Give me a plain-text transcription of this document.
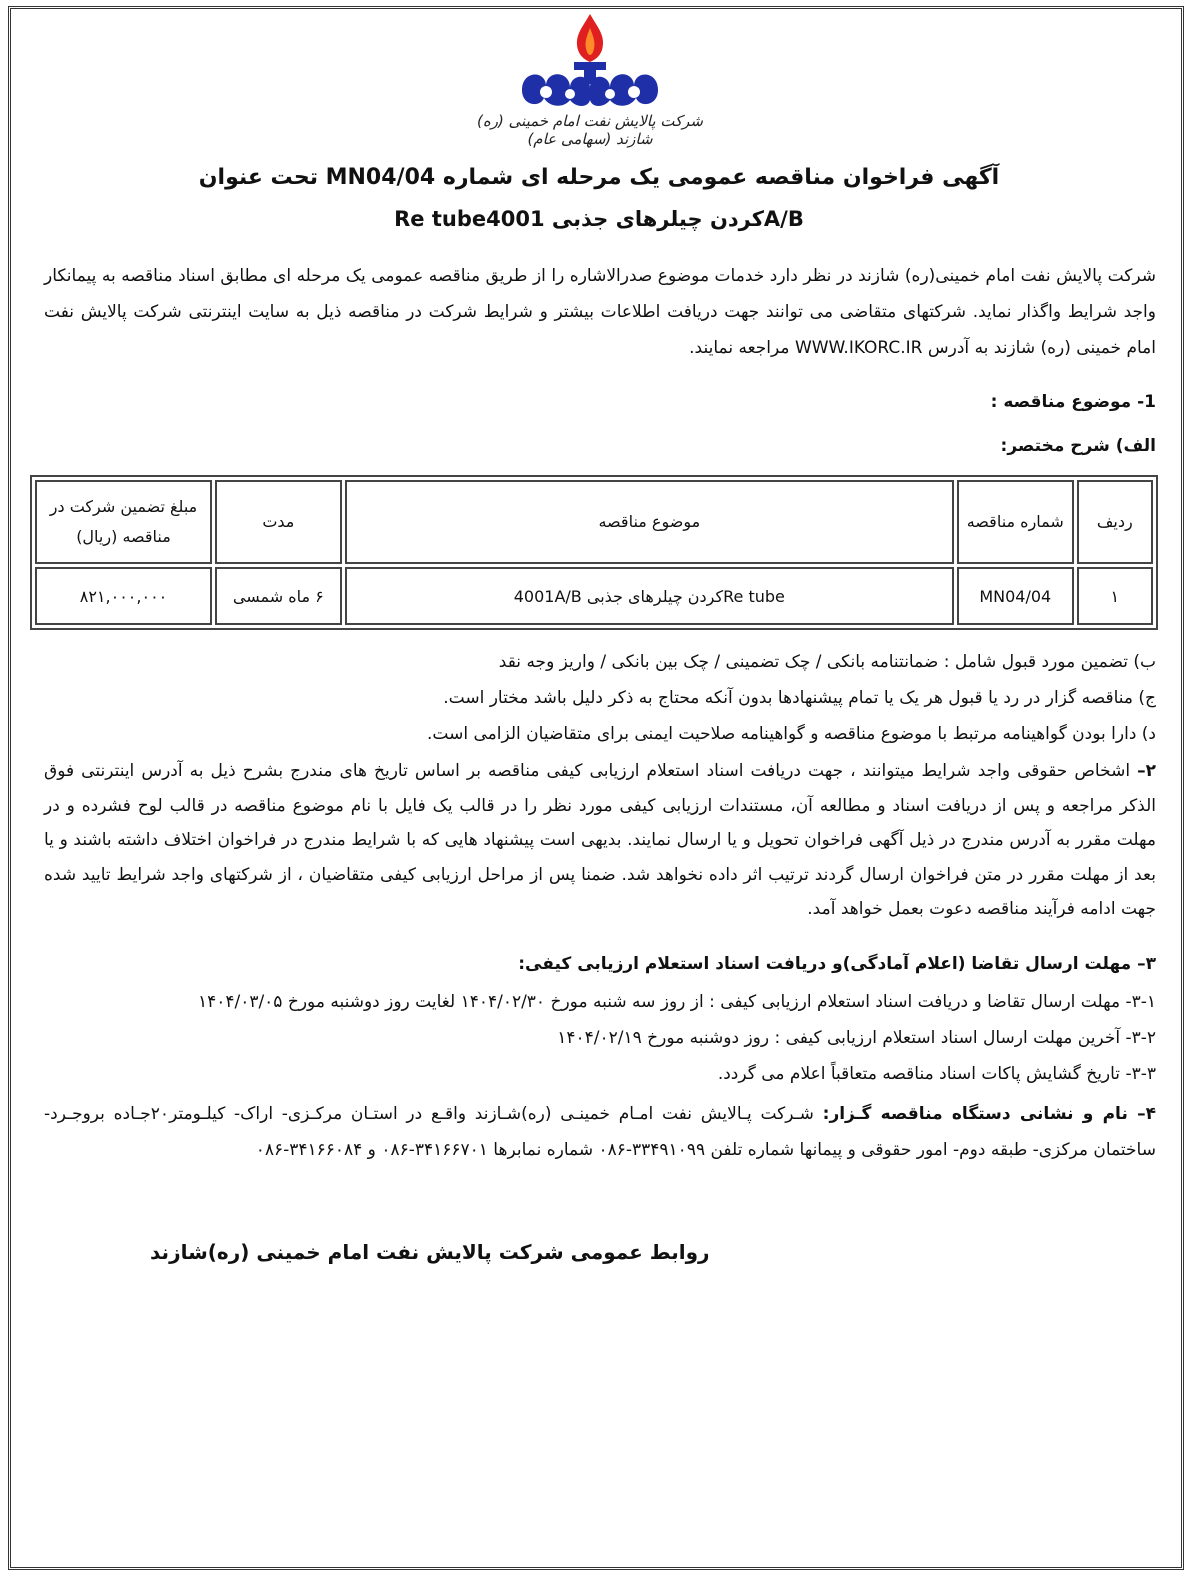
شرکت پالایش نفت امام خمینی (ره) شازند (سهامی عام)
آگهی فراخوان مناقصه عمومی یک مرحله ای شماره MN04/04 تحت عنوان
Re tubeکردن چیلرهای جذبی 4001A/B
شرکت پالایش نفت امام خمینی(ره) شازند در نظر دارد خدمات موضوع صدرالاشاره را از طریق مناقصه عمومی یک مرحله ای مطابق اسناد مناقصه به پیمانکار واجد شرایط واگذار نماید. شرکتهای متقاضی می توانند جهت دریافت اطلاعات بیشتر و شرایط شرکت در مناقصه ذیل به سایت اینترنتی شرکت پالایش نفت امام خمینی (ره) شازند به آدرس WWW.IKORC.IR مراجعه نمایند.
1- موضوع مناقصه :
الف) شرح مختصر:
ردیف	شماره مناقصه	موضوع مناقصه	مدت	مبلغ تضمین شرکت در مناقصه (ریال)
۱	MN04/04	Re tubeکردن چیلرهای جذبی 4001A/B	۶ ماه شمسی	۸۲۱,۰۰۰,۰۰۰
ب) تضمین مورد قبول شامل : ضمانتنامه بانکی / چک تضمینی / چک بین بانکی / واریز وجه نقد
ج) مناقصه گزار در رد یا قبول هر یک یا تمام پیشنهادها بدون آنکه محتاج به ذکر دلیل باشد مختار است.
د) دارا بودن گواهینامه مرتبط با موضوع مناقصه و گواهینامه صلاحیت ایمنی برای متقاضیان الزامی است.
۲– اشخاص حقوقی واجد شرایط میتوانند ، جهت دریافت اسناد استعلام ارزیابی کیفی مناقصه بر اساس تاریخ های مندرج بشرح ذیل به آدرس اینترنتی فوق الذکر مراجعه و پس از دریافت اسناد و مطالعه آن، مستندات ارزیابی کیفی مورد نظر را در قالب یک فایل با نام موضوع مناقصه در قالب لوح فشرده و در مهلت مقرر به آدرس مندرج در ذیل آگهی فراخوان تحویل و یا ارسال نمایند. بدیهی است پیشنهاد هایی که با شرایط مندرج در فراخوان اختلاف داشته باشند و یا بعد از مهلت مقرر در متن فراخوان ارسال گردند ترتیب اثر داده نخواهد شد. ضمنا پس از مراحل ارزیابی کیفی متقاضیان ، از شرکتهای واجد شرایط تایید شده جهت ادامه فرآیند مناقصه دعوت بعمل خواهد آمد.
۳– مهلت ارسال تقاضا (اعلام آمادگی)و دریافت اسناد استعلام ارزیابی کیفی:
۳-۱- مهلت ارسال تقاضا و دریافت اسناد استعلام ارزیابی کیفی : از روز سه شنبه مورخ ۱۴۰۴/۰۲/۳۰ لغایت روز دوشنبه مورخ ۱۴۰۴/۰۳/۰۵
۳-۲- آخرین مهلت ارسال اسناد استعلام ارزیابی کیفی : روز دوشنبه مورخ ۱۴۰۴/۰۲/۱۹
۳-۳- تاریخ گشایش پاکات اسناد مناقصه متعاقباً اعلام می گردد.
۴– نام و نشانی دستگاه مناقصه گـزار: شـرکت پـالایش نفت امـام خمینـی (ره)شـازند واقـع در استـان مرکـزی- اراک- کیلـومتر۲۰جـاده بروجـرد- ساختمان مرکزی- طبقه دوم- امور حقوقی و پیمانها شماره تلفن ۳۳۴۹۱۰۹۹-۰۸۶ شماره نمابرها ۳۴۱۶۶۷۰۱-۰۸۶ و ۳۴۱۶۶۰۸۴-۰۸۶
روابط عمومی شرکت پالایش نفت امام خمینی (ره)شازند
